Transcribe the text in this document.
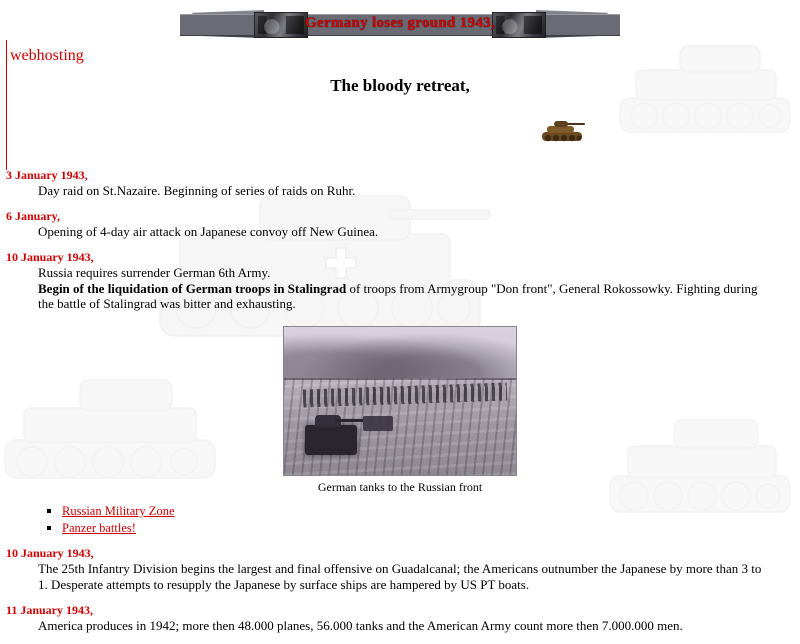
Germany loses ground 1943,
webhosting
The bloody retreat,

3 January 1943,

Day raid on St.Nazaire. Beginning of series of raids on Ruhr.

6 January,

Opening of 4-day air attack on Japanese convoy off New Guinea.

10 January 1943,

Russia requires surrender German 6th Army.

Begin of the liquidation of German troops in Stalingrad of troops from Armygroup "Don front", General Rokossowky. Fighting during the battle of Stalingrad was bitter and exhausting.

German tanks to the Russian front
▪ Russian Military Zone
▪ Panzer battles!

10 January 1943,

The 25th Infantry Division begins the largest and final offensive on Guadalcanal; the Americans outnumber the Japanese by more than 3 to 1. Desperate attempts to resupply the Japanese by surface ships are hampered by US PT boats.

11 January 1943,

America produces in 1942; more then 48.000 planes, 56.000 tanks and the American Army count more then 7.000.000 men.
